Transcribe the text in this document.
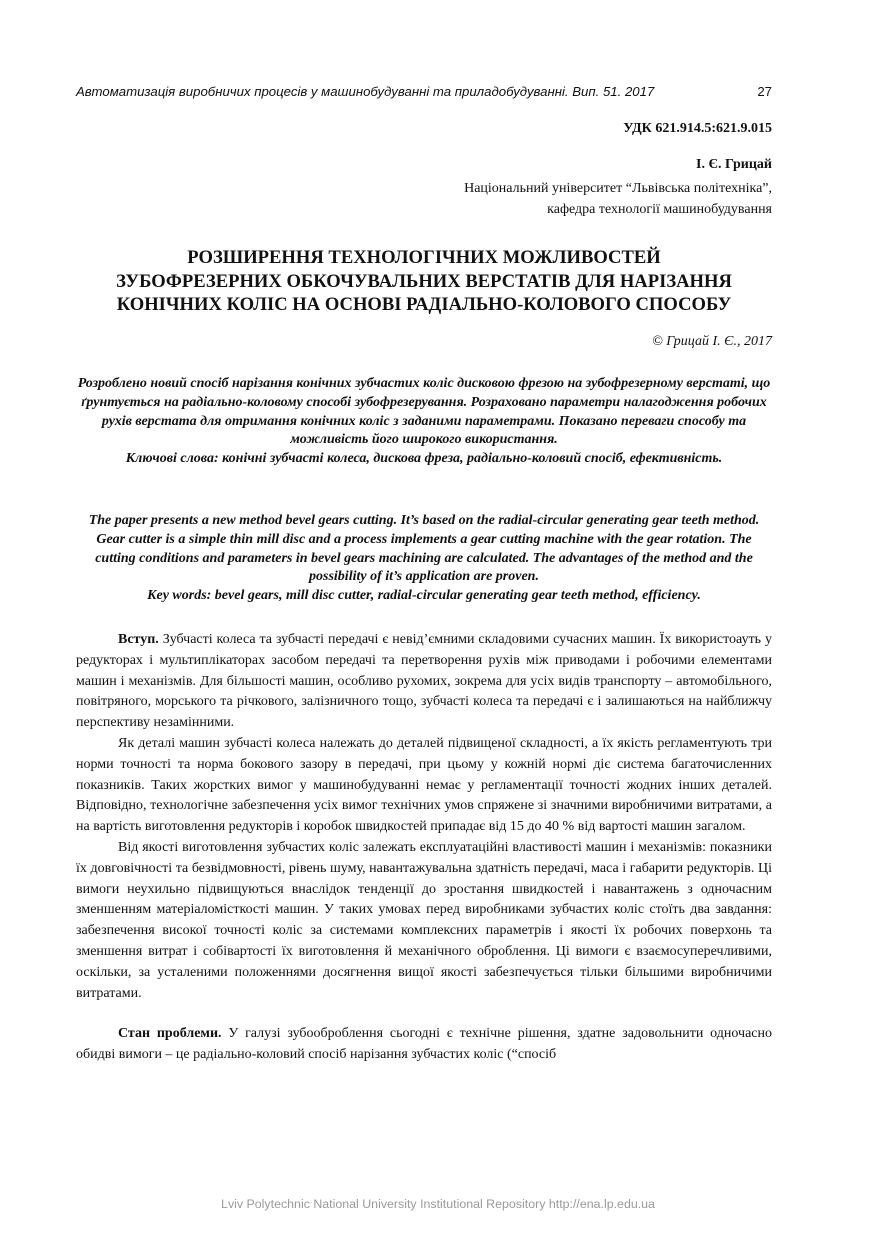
Автоматизація виробничих процесів у машинобудуванні та приладобудуванні. Вип. 51. 2017	27
УДК 621.914.5:621.9.015
І. Є. Грицай
Національний університет “Львівська політехніка”,
кафедра технології машинобудування
РОЗШИРЕННЯ ТЕХНОЛОГІЧНИХ МОЖЛИВОСТЕЙ
ЗУБОФРЕЗЕРНИХ ОБКОЧУВАЛЬНИХ ВЕРСТАТІВ ДЛЯ НАРІЗАННЯ
КОНІЧНИХ КОЛІС НА ОСНОВІ РАДІАЛЬНО-КОЛОВОГО СПОСОБУ
© Грицай І. Є., 2017

Розроблено новий спосіб нарізання конічних зубчастих коліс дисковою фрезою на зубофрезерному верстаті, що ґрунтується на радіально-коловому способі зубофрезерування. Розраховано параметри налагодження робочих рухів верстата для отримання конічних коліс з заданими параметрами. Показано переваги способу та можливість його широкого використання.

Ключові слова: конічні зубчасті колеса, дискова фреза, радіально-коловий спосіб, ефективність.

The paper presents a new method bevel gears cutting. It’s based on the radial-circular generating gear teeth method. Gear cutter is a simple thin mill disc and a process implements a gear cutting machine with the gear rotation. The cutting conditions and parameters in bevel gears machining are calculated. The advantages of the method and the possibility of it’s application are proven.

Key words: bevel gears, mill disc cutter, radial-circular generating gear teeth method, efficiency.

Вступ. Зубчасті колеса та зубчасті передачі є невід’ємними складовими сучасних машин. Їх використоауть у редукторах і мультиплікаторах засобом передачі та перетворення рухів між приводами і робочими елементами машин і механізмів. Для більшості машин, особливо рухомих, зокрема для усіх видів транспорту – автомобільного, повітряного, морського та річкового, залізничного тощо, зубчасті колеса та передачі є і залишаються на найближчу перспективу незамінними.

Як деталі машин зубчасті колеса належать до деталей підвищеної складності, а їх якість регламентують три норми точності та норма бокового зазору в передачі, при цьому у кожній нормі діє система багаточисленних показників. Таких жорстких вимог у машинобудуванні немає у регламентації точності жодних інших деталей. Відповідно, технологічне забезпечення усіх вимог технічних умов спряжене зі значними виробничими витратами, а на вартість виготовлення редукторів і коробок швидкостей припадає від 15 до 40 % від вартості машин загалом.

Від якості виготовлення зубчастих коліс залежать експлуатаційні властивості машин і механізмів: показники їх довговічності та безвідмовності, рівень шуму, навантажувальна здатність передачі, маса і габарити редукторів. Ці вимоги неухильно підвищуються внаслідок тенденції до зростання швидкостей і навантажень з одночасним зменшенням матеріаломісткості машин. У таких умовах перед виробниками зубчастих коліс стоїть два завдання: забезпечення високої точності коліс за системами комплексних параметрів і якості їх робочих поверхонь та зменшення витрат і собівартості їх виготовлення й механічного оброблення. Ці вимоги є взаємосуперечливими, оскільки, за усталеними положеннями досягнення вищої якості забезпечується тільки більшими виробничими витратами.

Стан проблеми. У галузі зубооброблення сьогодні є технічне рішення, здатне задовольнити одночасно обидві вимоги – це радіально-коловий спосіб нарізання зубчастих коліс (“спосіб

Lviv Polytechnic National University Institutional Repository http://ena.lp.edu.ua
